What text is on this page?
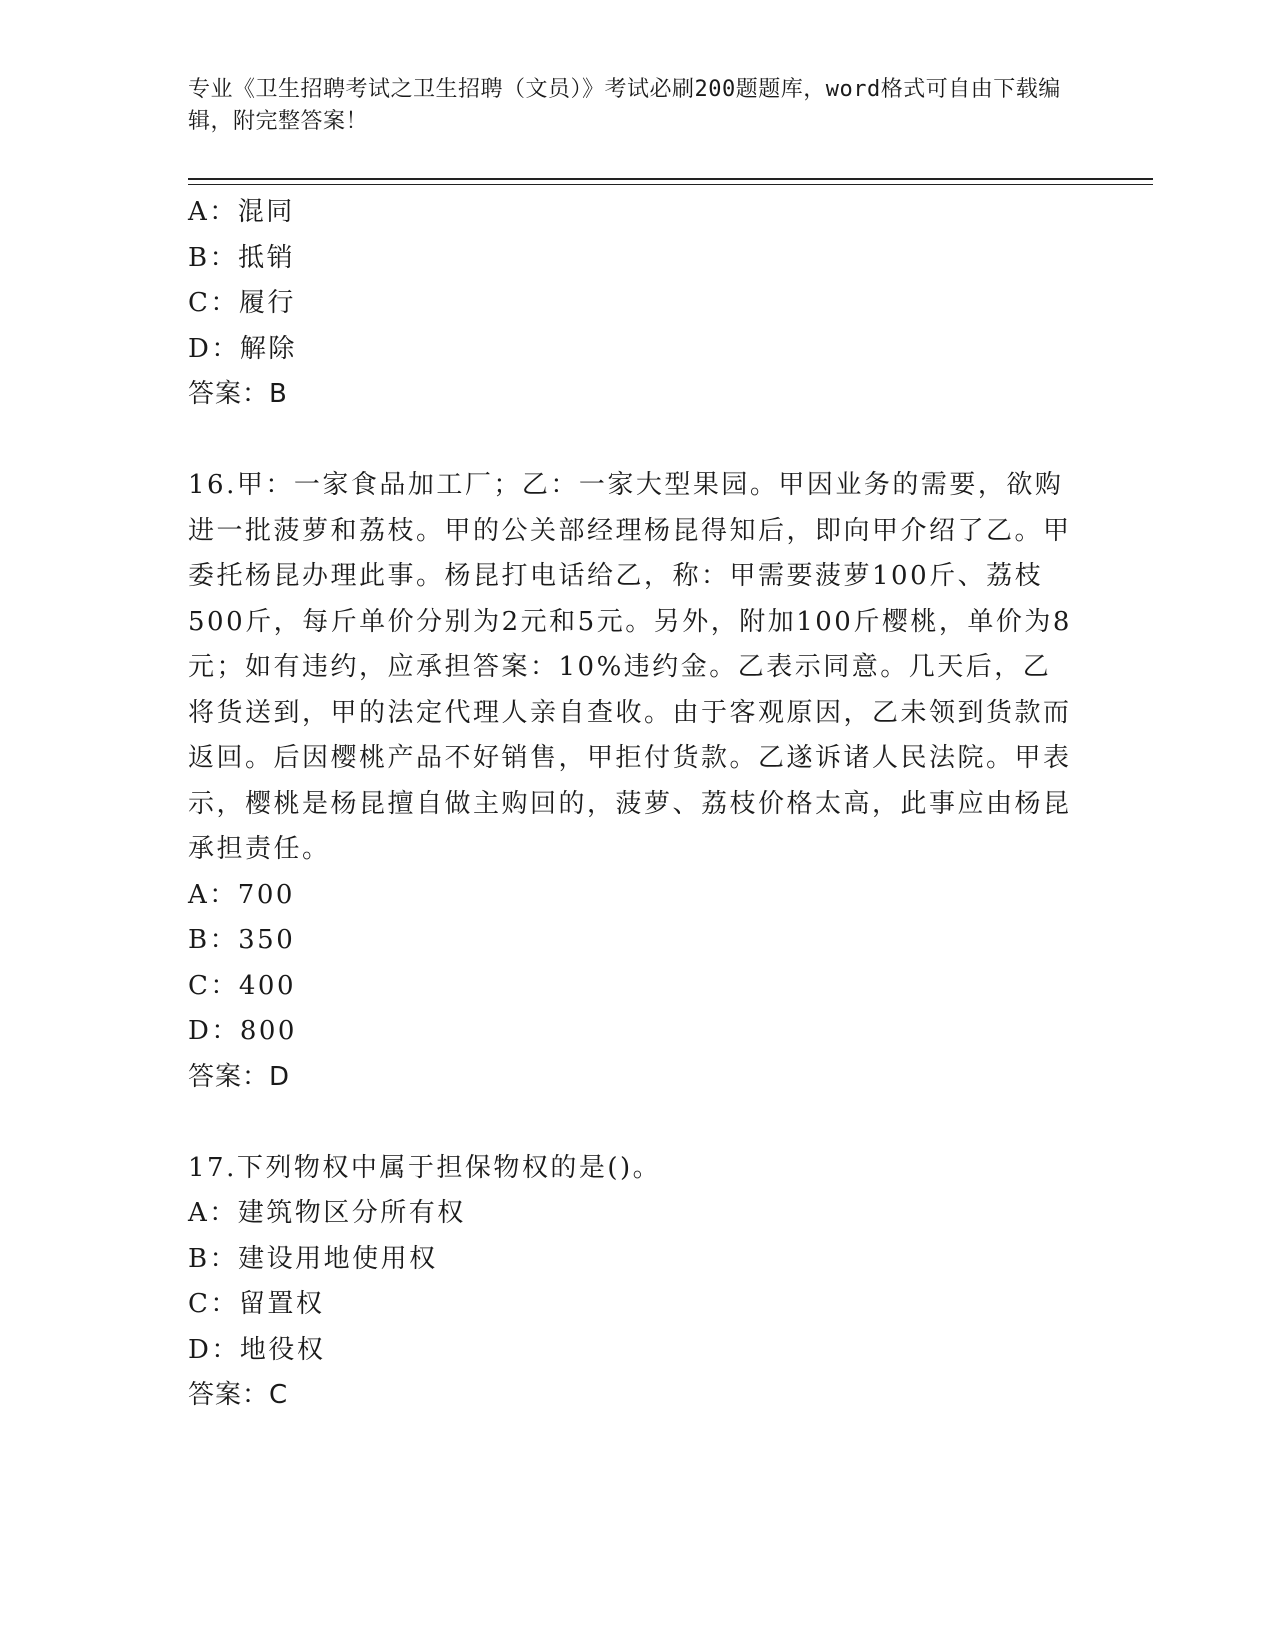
专业《卫生招聘考试之卫生招聘（文员）》考试必刷200题题库，word格式可自由下载编辑，附完整答案！

A：混同

B：抵销

C：履行

D：解除

答案：B

16.甲：一家食品加工厂；乙：一家大型果园。甲因业务的需要，欲购进一批菠萝和荔枝。甲的公关部经理杨昆得知后，即向甲介绍了乙。甲委托杨昆办理此事。杨昆打电话给乙，称：甲需要菠萝100斤、荔枝500斤，每斤单价分别为2元和5元。另外，附加100斤樱桃，单价为8元；如有违约，应承担答案：10%违约金。乙表示同意。几天后，乙将货送到，甲的法定代理人亲自查收。由于客观原因，乙未领到货款而返回。后因樱桃产品不好销售，甲拒付货款。乙遂诉诸人民法院。甲表示，樱桃是杨昆擅自做主购回的，菠萝、荔枝价格太高，此事应由杨昆承担责任。

A：700

B：350

C：400

D：800

答案：D

17.下列物权中属于担保物权的是()。

A：建筑物区分所有权

B：建设用地使用权

C：留置权

D：地役权

答案：C
